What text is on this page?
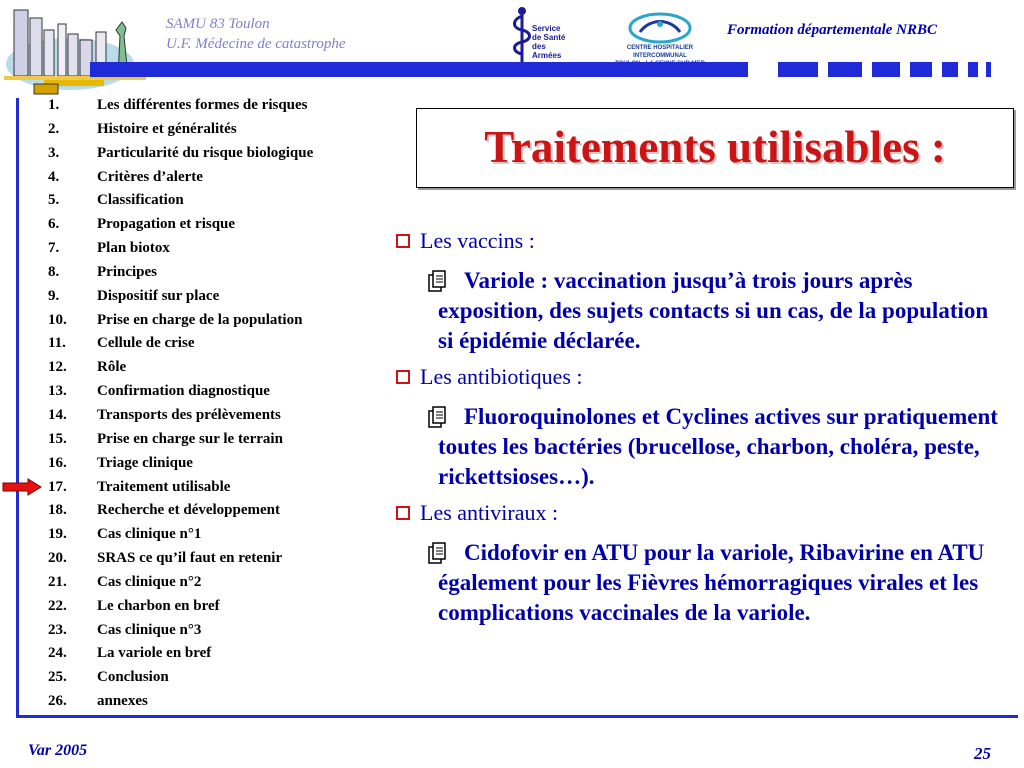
SAMU 83 Toulon
U.F. Médecine de catastrophe
Service
de Santé
des Armées
CENTRE HOSPITALIER INTERCOMMUNAL
Formation départementale NRBC
1.	Les différentes formes de risques
2.	Histoire et généralités
3.	Particularité du risque biologique
4.	Critères d’alerte
5.	Classification
6.	Propagation et risque
7.	Plan biotox
8.	Principes
9.	Dispositif sur place
10. Prise en charge de la population
11. Cellule de crise
12. Rôle
13. Confirmation diagnostique
14. Transports des prélèvements
15. Prise en charge sur le terrain
16. Triage clinique
17. Traitement utilisable
18. Recherche et développement
19. Cas clinique n°1
20. SRAS ce qu’il faut en retenir
21. Cas clinique n°2
22. Le charbon en bref
23. Cas clinique n°3
24. La variole en bref
25. Conclusion
26. annexes
Traitements utilisables :
Les vaccins :
Variole : vaccination jusqu’à trois jours après exposition, des sujets contacts si un cas, de la population si épidémie déclarée.
Les antibiotiques :
Fluoroquinolones et Cyclines actives sur pratiquement toutes les bactéries (brucellose, charbon, choléra, peste, rickettsioses…).
Les antiviraux :
Cidofovir en ATU pour la variole, Ribavirine en ATU également pour les Fièvres hémorragiques virales et les complications vaccinales de la variole.
Var 2005	25
